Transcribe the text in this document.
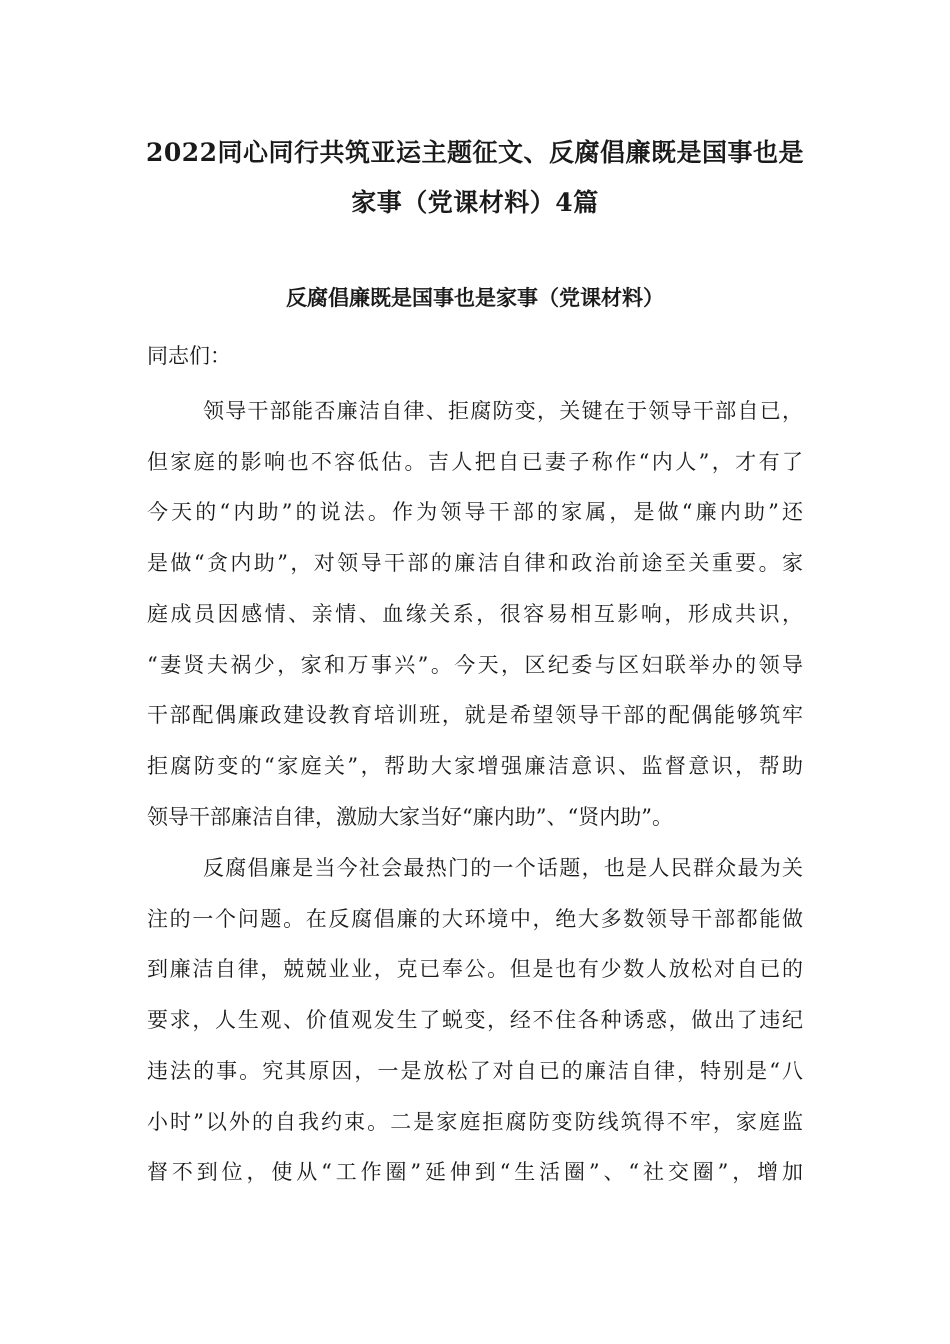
2022同心同行共筑亚运主题征文、反腐倡廉既是国事也是
家事（党课材料）4篇
反腐倡廉既是国事也是家事（党课材料）
同志们：
领导干部能否廉洁自律、拒腐防变，关键在于领导干部自已，
但家庭的影响也不容低估。吉人把自已妻子称作“内人”，才有了
今天的“内助”的说法。作为领导干部的家属，是做“廉内助”还
是做“贪内助”，对领导干部的廉洁自律和政治前途至关重要。家
庭成员因感情、亲情、血缘关系，很容易相互影响，形成共识，
“妻贤夫祸少，家和万事兴”。今天，区纪委与区妇联举办的领导
干部配偶廉政建设教育培训班，就是希望领导干部的配偶能够筑牢
拒腐防变的“家庭关”，帮助大家增强廉洁意识、监督意识，帮助
领导干部廉洁自律，激励大家当好“廉内助”、“贤内助”。
反腐倡廉是当今社会最热门的一个话题，也是人民群众最为关
注的一个问题。在反腐倡廉的大环境中，绝大多数领导干部都能做
到廉洁自律，兢兢业业，克已奉公。但是也有少数人放松对自已的
要求，人生观、价值观发生了蜕变，经不住各种诱惑，做出了违纪
违法的事。究其原因，一是放松了对自已的廉洁自律，特别是“八
小时”以外的自我约束。二是家庭拒腐防变防线筑得不牢，家庭监
督不到位，使从“工作圈”延伸到“生活圈”、“社交圈”，增加
